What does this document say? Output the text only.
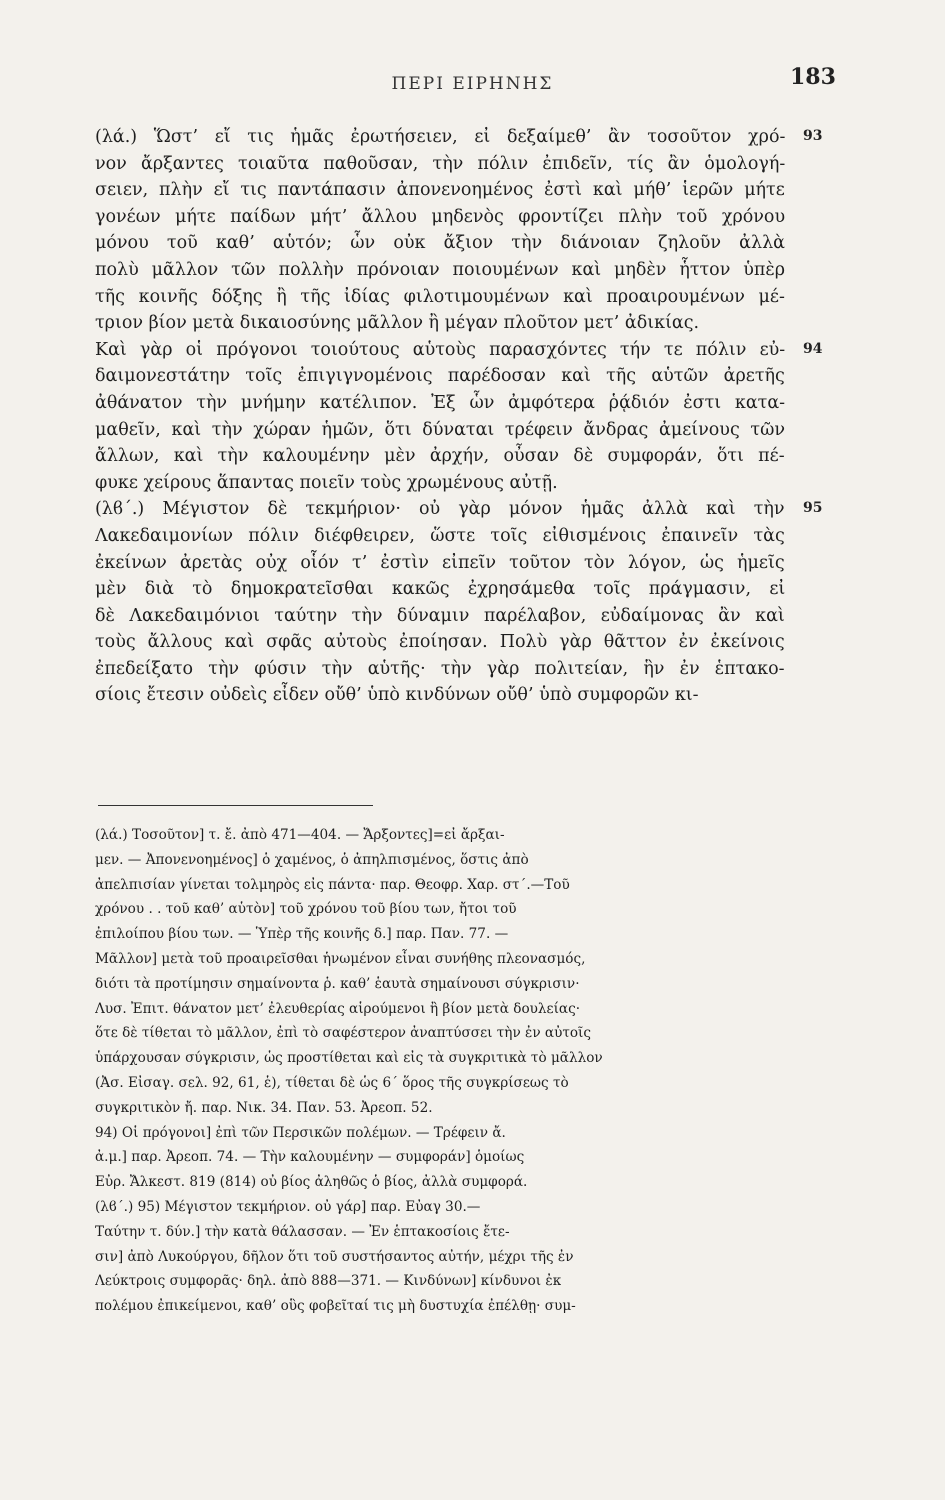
ΠΕΡΙ ΕΙΡΗΝΗΣ	183
(λά.) Ὥστ’ εἴ τις ἡμᾶς ἐρωτήσειεν, εἰ δεξαίμεθ’ ἂν τοσοῦτον χρό-
νον ἄρξαντες τοιαῦτα παθοῦσαν, τὴν πόλιν ἐπιδεῖν, τίς ἂν ὁμολογή-
σειεν, πλὴν εἴ τις παντάπασιν ἀπονενοημένος ἐστὶ καὶ μήθ’ ἱερῶν μήτε
γονέων μήτε παίδων μήτ’ ἄλλου μηδενὸς φροντίζει πλὴν τοῦ χρόνου
μόνου τοῦ καθ’ αὑτόν; ὧν οὐκ ἄξιον τὴν διάνοιαν ζηλοῦν ἀλλὰ
πολὺ μᾶλλον τῶν πολλὴν πρόνοιαν ποιουμένων καὶ μηδὲν ἧττον ὑπὲρ
τῆς κοινῆς δόξης ἢ τῆς ἰδίας φιλοτιμουμένων καὶ προαιρουμένων μέ-
τριον βίον μετὰ δικαιοσύνης μᾶλλον ἢ μέγαν πλοῦτον μετ’ ἀδικίας.
Καὶ γὰρ οἱ πρόγονοι τοιούτους αὑτοὺς παρασχόντες τήν τε πόλιν εὐ-
δαιμονεστάτην τοῖς ἐπιγιγνομένοις παρέδοσαν καὶ τῆς αὑτῶν ἀρετῆς
ἀθάνατον τὴν μνήμην κατέλιπον. Ἐξ ὧν ἀμφότερα ῥᾴδιόν ἐστι κατα-
μαθεῖν, καὶ τὴν χώραν ἡμῶν, ὅτι δύναται τρέφειν ἄνδρας ἀμείνους τῶν
ἄλλων, καὶ τὴν καλουμένην μὲν ἀρχήν, οὖσαν δὲ συμφοράν, ὅτι πέ-
φυκε χείρους ἅπαντας ποιεῖν τοὺς χρωμένους αὐτῇ.
(λϐ΄.) Μέγιστον δὲ τεκμήριον· οὐ γὰρ μόνον ἡμᾶς ἀλλὰ καὶ τὴν
Λακεδαιμονίων πόλιν διέφθειρεν, ὥστε τοῖς εἰθισμένοις ἐπαινεῖν τὰς
ἐκείνων ἀρετὰς οὐχ οἷόν τ’ ἐστὶν εἰπεῖν τοῦτον τὸν λόγον, ὡς ἡμεῖς
μὲν διὰ τὸ δημοκρατεῖσθαι κακῶς ἐχρησάμεθα τοῖς πράγμασιν, εἰ
δὲ Λακεδαιμόνιοι ταύτην τὴν δύναμιν παρέλαβον, εὐδαίμονας ἂν καὶ
τοὺς ἄλλους καὶ σφᾶς αὐτοὺς ἐποίησαν. Πολὺ γὰρ θᾶττον ἐν ἐκείνοις
ἐπεδείξατο τὴν φύσιν τὴν αὑτῆς· τὴν γὰρ πολιτείαν, ἣν ἐν ἑπτακο-
σίοις ἔτεσιν οὐδεὶς εἶδεν οὔθ’ ὑπὸ κινδύνων οὔθ’ ὑπὸ συμφορῶν κι-
93
94
95
(λά.) Τοσοῦτον] τ. ἔ. ἀπὸ 471—404. — Ἄρξοντες]=εἰ ἄρξαι-μεν. — Ἀπονενοημένος] ὁ χαμένος, ὁ ἀπηλπισμένος, ὅστις ἀπὸἀπελπισίαν γίνεται τολμηρὸς εἰς πάντα· παρ. Θεοφρ. Χαρ. στ΄.—Τοῦχρόνου . . τοῦ καθ’ αὑτὸν] τοῦ χρόνου τοῦ βίου των, ἤτοι τοῦἐπιλοίπου βίου των. — Ὑπὲρ τῆς κοινῆς δ.] παρ. Παν. 77. —Μᾶλλον] μετὰ τοῦ προαιρεῖσθαι ἡνωμένον εἶναι συνήθης πλεονασμός,διότι τὰ προτίμησιν σημαίνοντα ῥ. καθ’ ἑαυτὰ σημαίνουσι σύγκρισιν·Λυσ. Ἐπιτ. θάνατον μετ’ ἐλευθερίας αἱρούμενοι ἢ βίον μετὰ δουλείας·ὅτε δὲ τίθεται τὸ μᾶλλον, ἐπὶ τὸ σαφέστερον ἀναπτύσσει τὴν ἐν αὐτοῖςὑπάρχουσαν σύγκρισιν, ὡς προστίθεται καὶ εἰς τὰ συγκριτικὰ τὸ μᾶλλον(Ἀσ. Εἰσαγ. σελ. 92, 61, ἑ), τίθεται δὲ ὡς 6΄ ὅρος τῆς συγκρίσεως τὸσυγκριτικὸν ἤ. παρ. Νικ. 34. Παν. 53. Ἀρεοπ. 52.94) Οἱ πρόγονοι] ἐπὶ τῶν Περσικῶν πολέμων. — Τρέφειν ἄ.ἀ.μ.] παρ. Ἀρεοπ. 74. — Τὴν καλουμένην — συμφοράν] ὁμοίωςΕὐρ. Ἄλκεστ. 819 (814) οὐ βίος ἀληθῶς ὁ βίος, ἀλλὰ συμφορά.(λϐ΄.) 95) Μέγιστον τεκμήριον. οὐ γάρ] παρ. Εὐαγ 30.—Ταύτην τ. δύν.] τὴν κατὰ θάλασσαν. — Ἐν ἑπτακοσίοις ἔτε-σιν] ἀπὸ Λυκούργου, δῆλον ὅτι τοῦ συστήσαντος αὐτήν, μέχρι τῆς ἐνΛεύκτροις συμφορᾶς· δηλ. ἀπὸ 888—371. — Κινδύνων] κίνδυνοι ἐκπολέμου ἐπικείμενοι, καθ’ οὓς φοβεῖταί τις μὴ δυστυχία ἐπέλθῃ· συμ-
